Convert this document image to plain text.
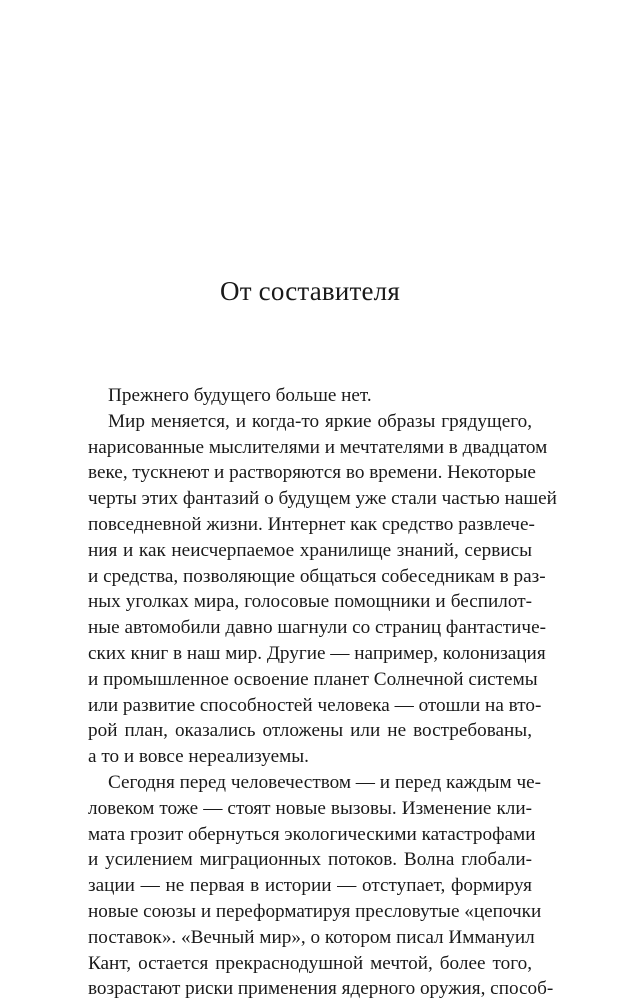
От составителя
Прежнего будущего больше нет.
Мир меняется, и когда-то яркие образы грядущего,
нарисованные мыслителями и мечтателями в двадцатом
веке, тускнеют и растворяются во времени. Некоторые
черты этих фантазий о будущем уже стали частью нашей
повседневной жизни. Интернет как средство развлече-
ния и как неисчерпаемое хранилище знаний, сервисы
и средства, позволяющие общаться собеседникам в раз-
ных уголках мира, голосовые помощники и беспилот-
ные автомобили давно шагнули со страниц фантастиче-
ских книг в наш мир. Другие — например, колонизация
и промышленное освоение планет Солнечной системы
или развитие способностей человека — отошли на вто-
рой план, оказались отложены или не востребованы,
а то и вовсе нереализуемы.
Сегодня перед человечеством — и перед каждым че-
ловеком тоже — стоят новые вызовы. Изменение кли-
мата грозит обернуться экологическими катастрофами
и усилением миграционных потоков. Волна глобали-
зации — не первая в истории — отступает, формируя
новые союзы и переформатируя пресловутые «цепочки
поставок». «Вечный мир», о котором писал Иммануил
Кант, остается прекраснодушной мечтой, более того,
возрастают риски применения ядерного оружия, способ-
